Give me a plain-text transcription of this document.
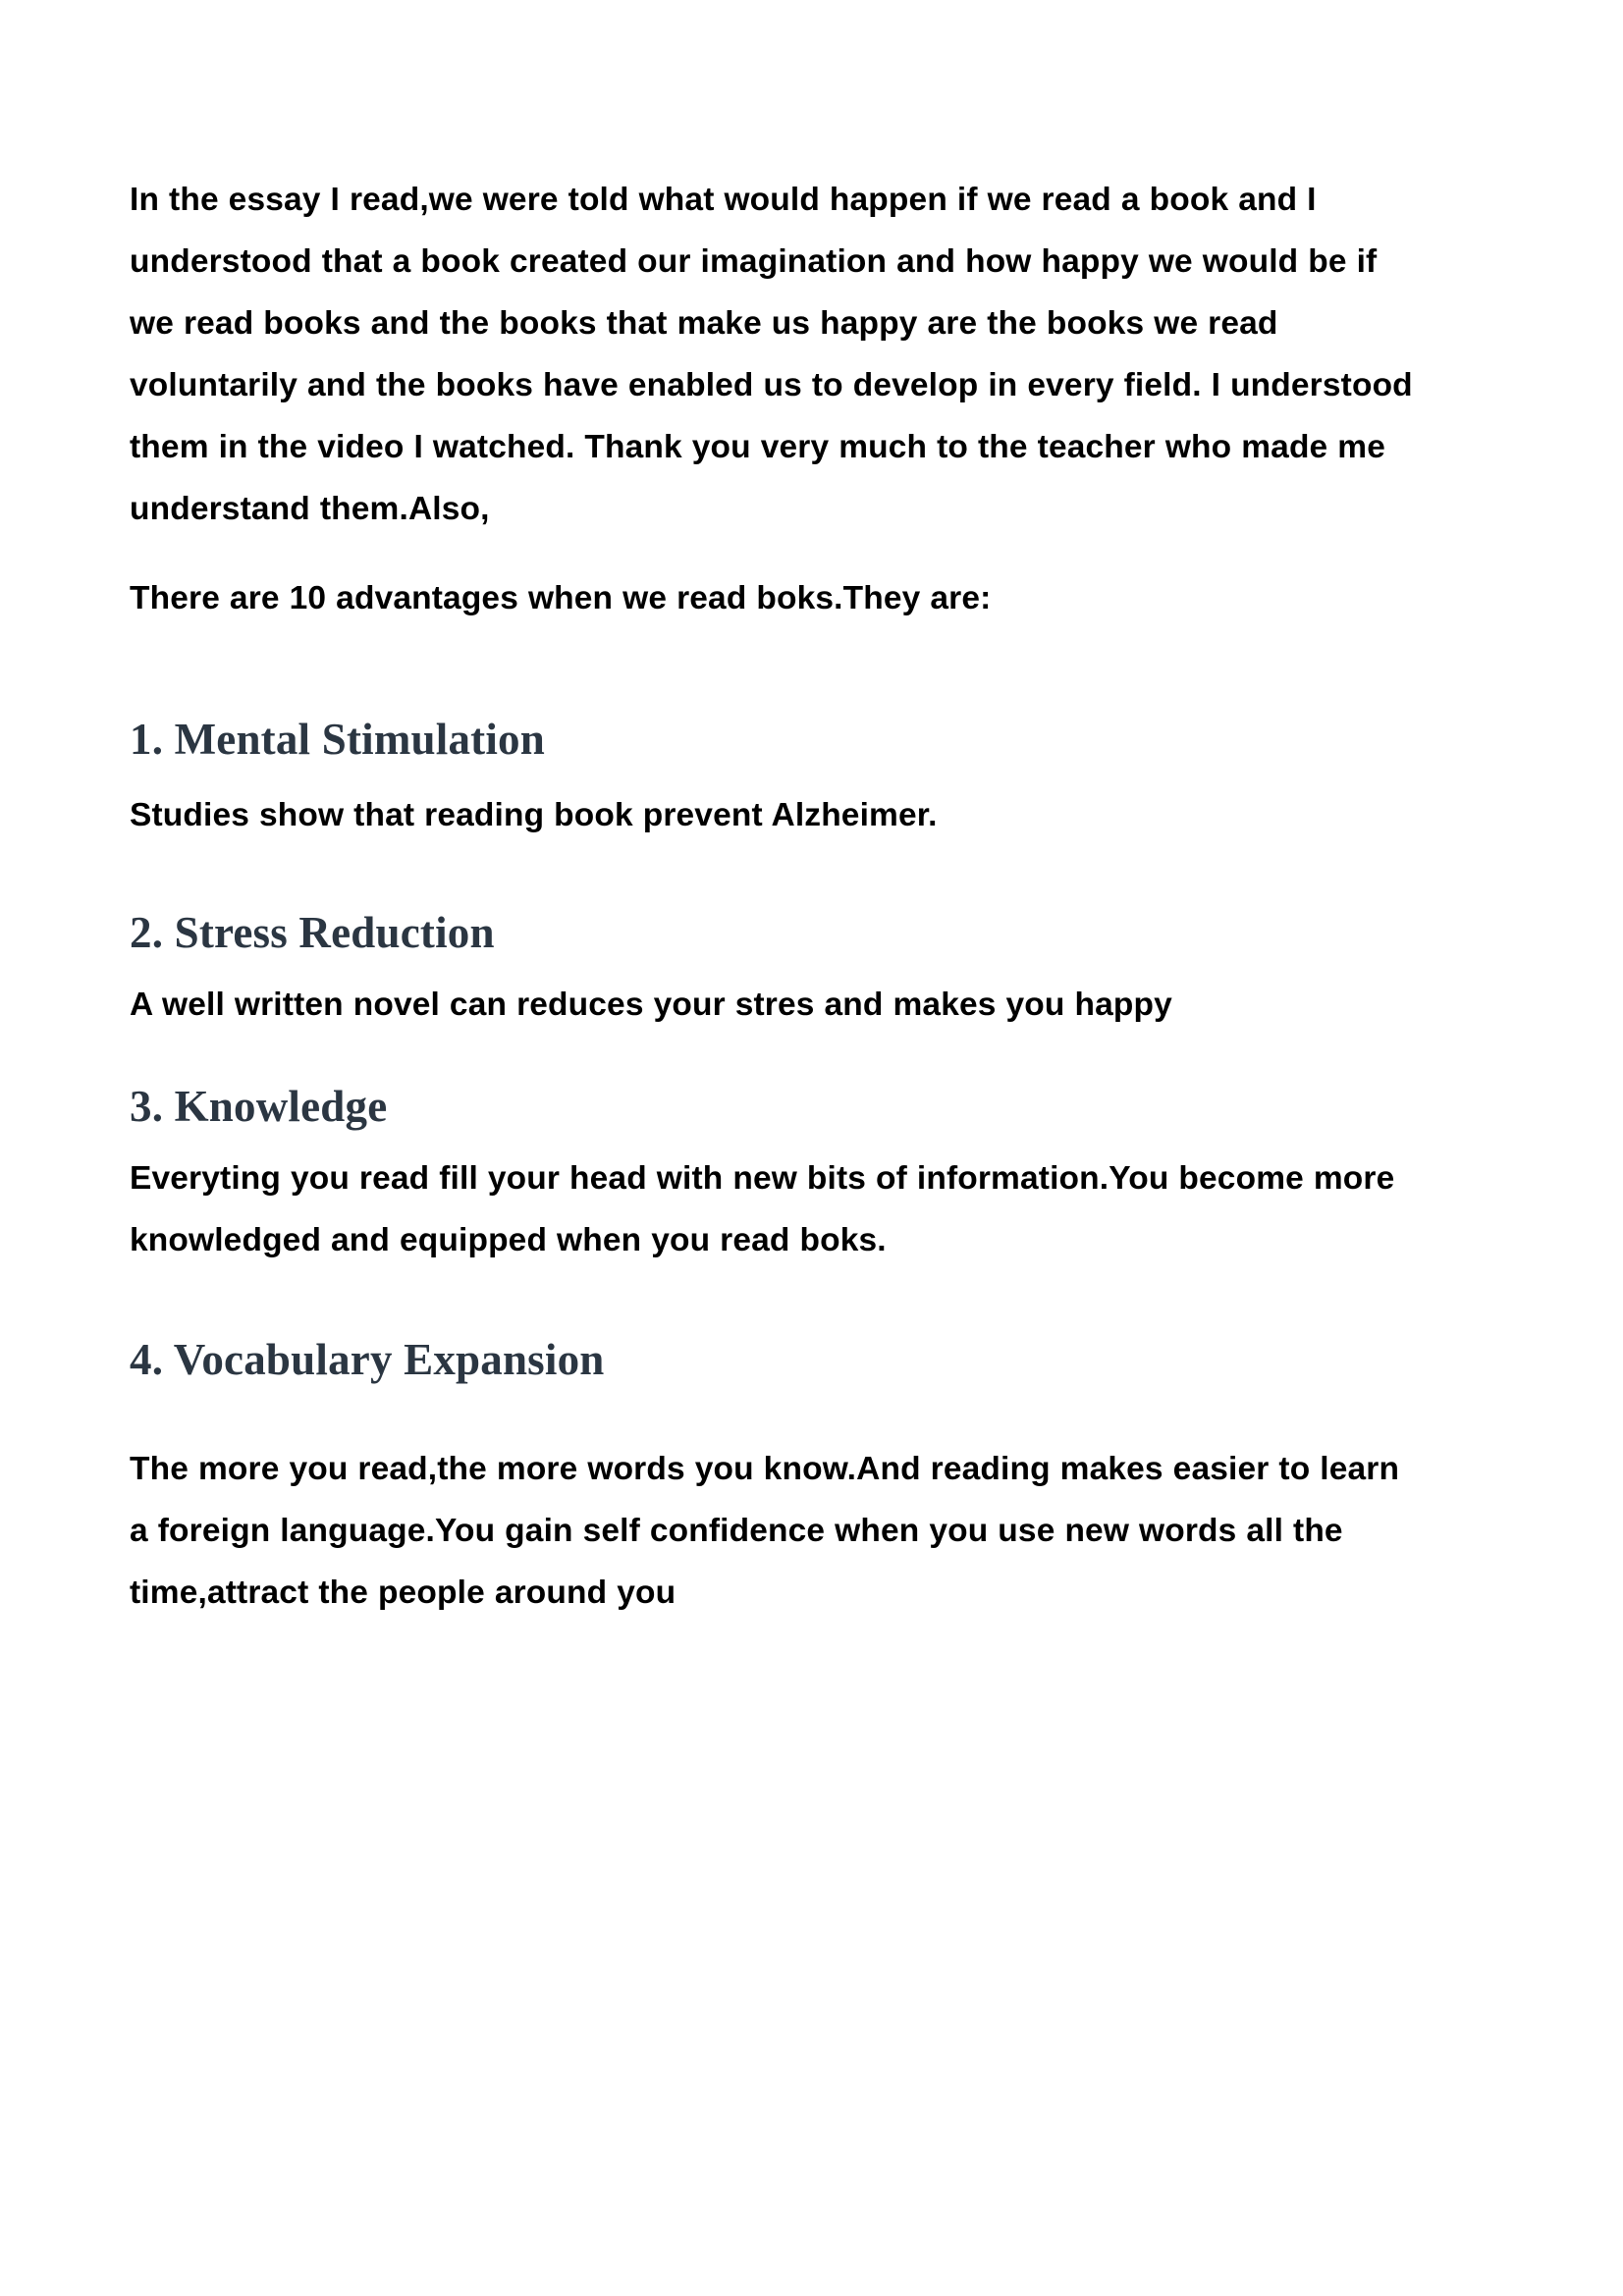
In the essay I read,we were told what would happen if we read a book and I understood that a book created our imagination and how happy we would be if we read books and the books that make us happy are the books we read voluntarily and the books have enabled us to develop in every field. I understood them in the video I watched. Thank you very much to the teacher who made me understand them.Also,

There are 10 advantages when we read boks.They are:

1. Mental Stimulation

Studies show that reading book prevent Alzheimer.

2. Stress Reduction

A well written novel can reduces your stres and makes you happy

3. Knowledge

Everyting you read fill your head with new bits of information.You become more knowledged and equipped when you read boks.

4. Vocabulary Expansion

The more you read,the more words you know.And reading makes easier to learn a foreign language.You gain self confidence when you use new words all the time,attract the people around you
